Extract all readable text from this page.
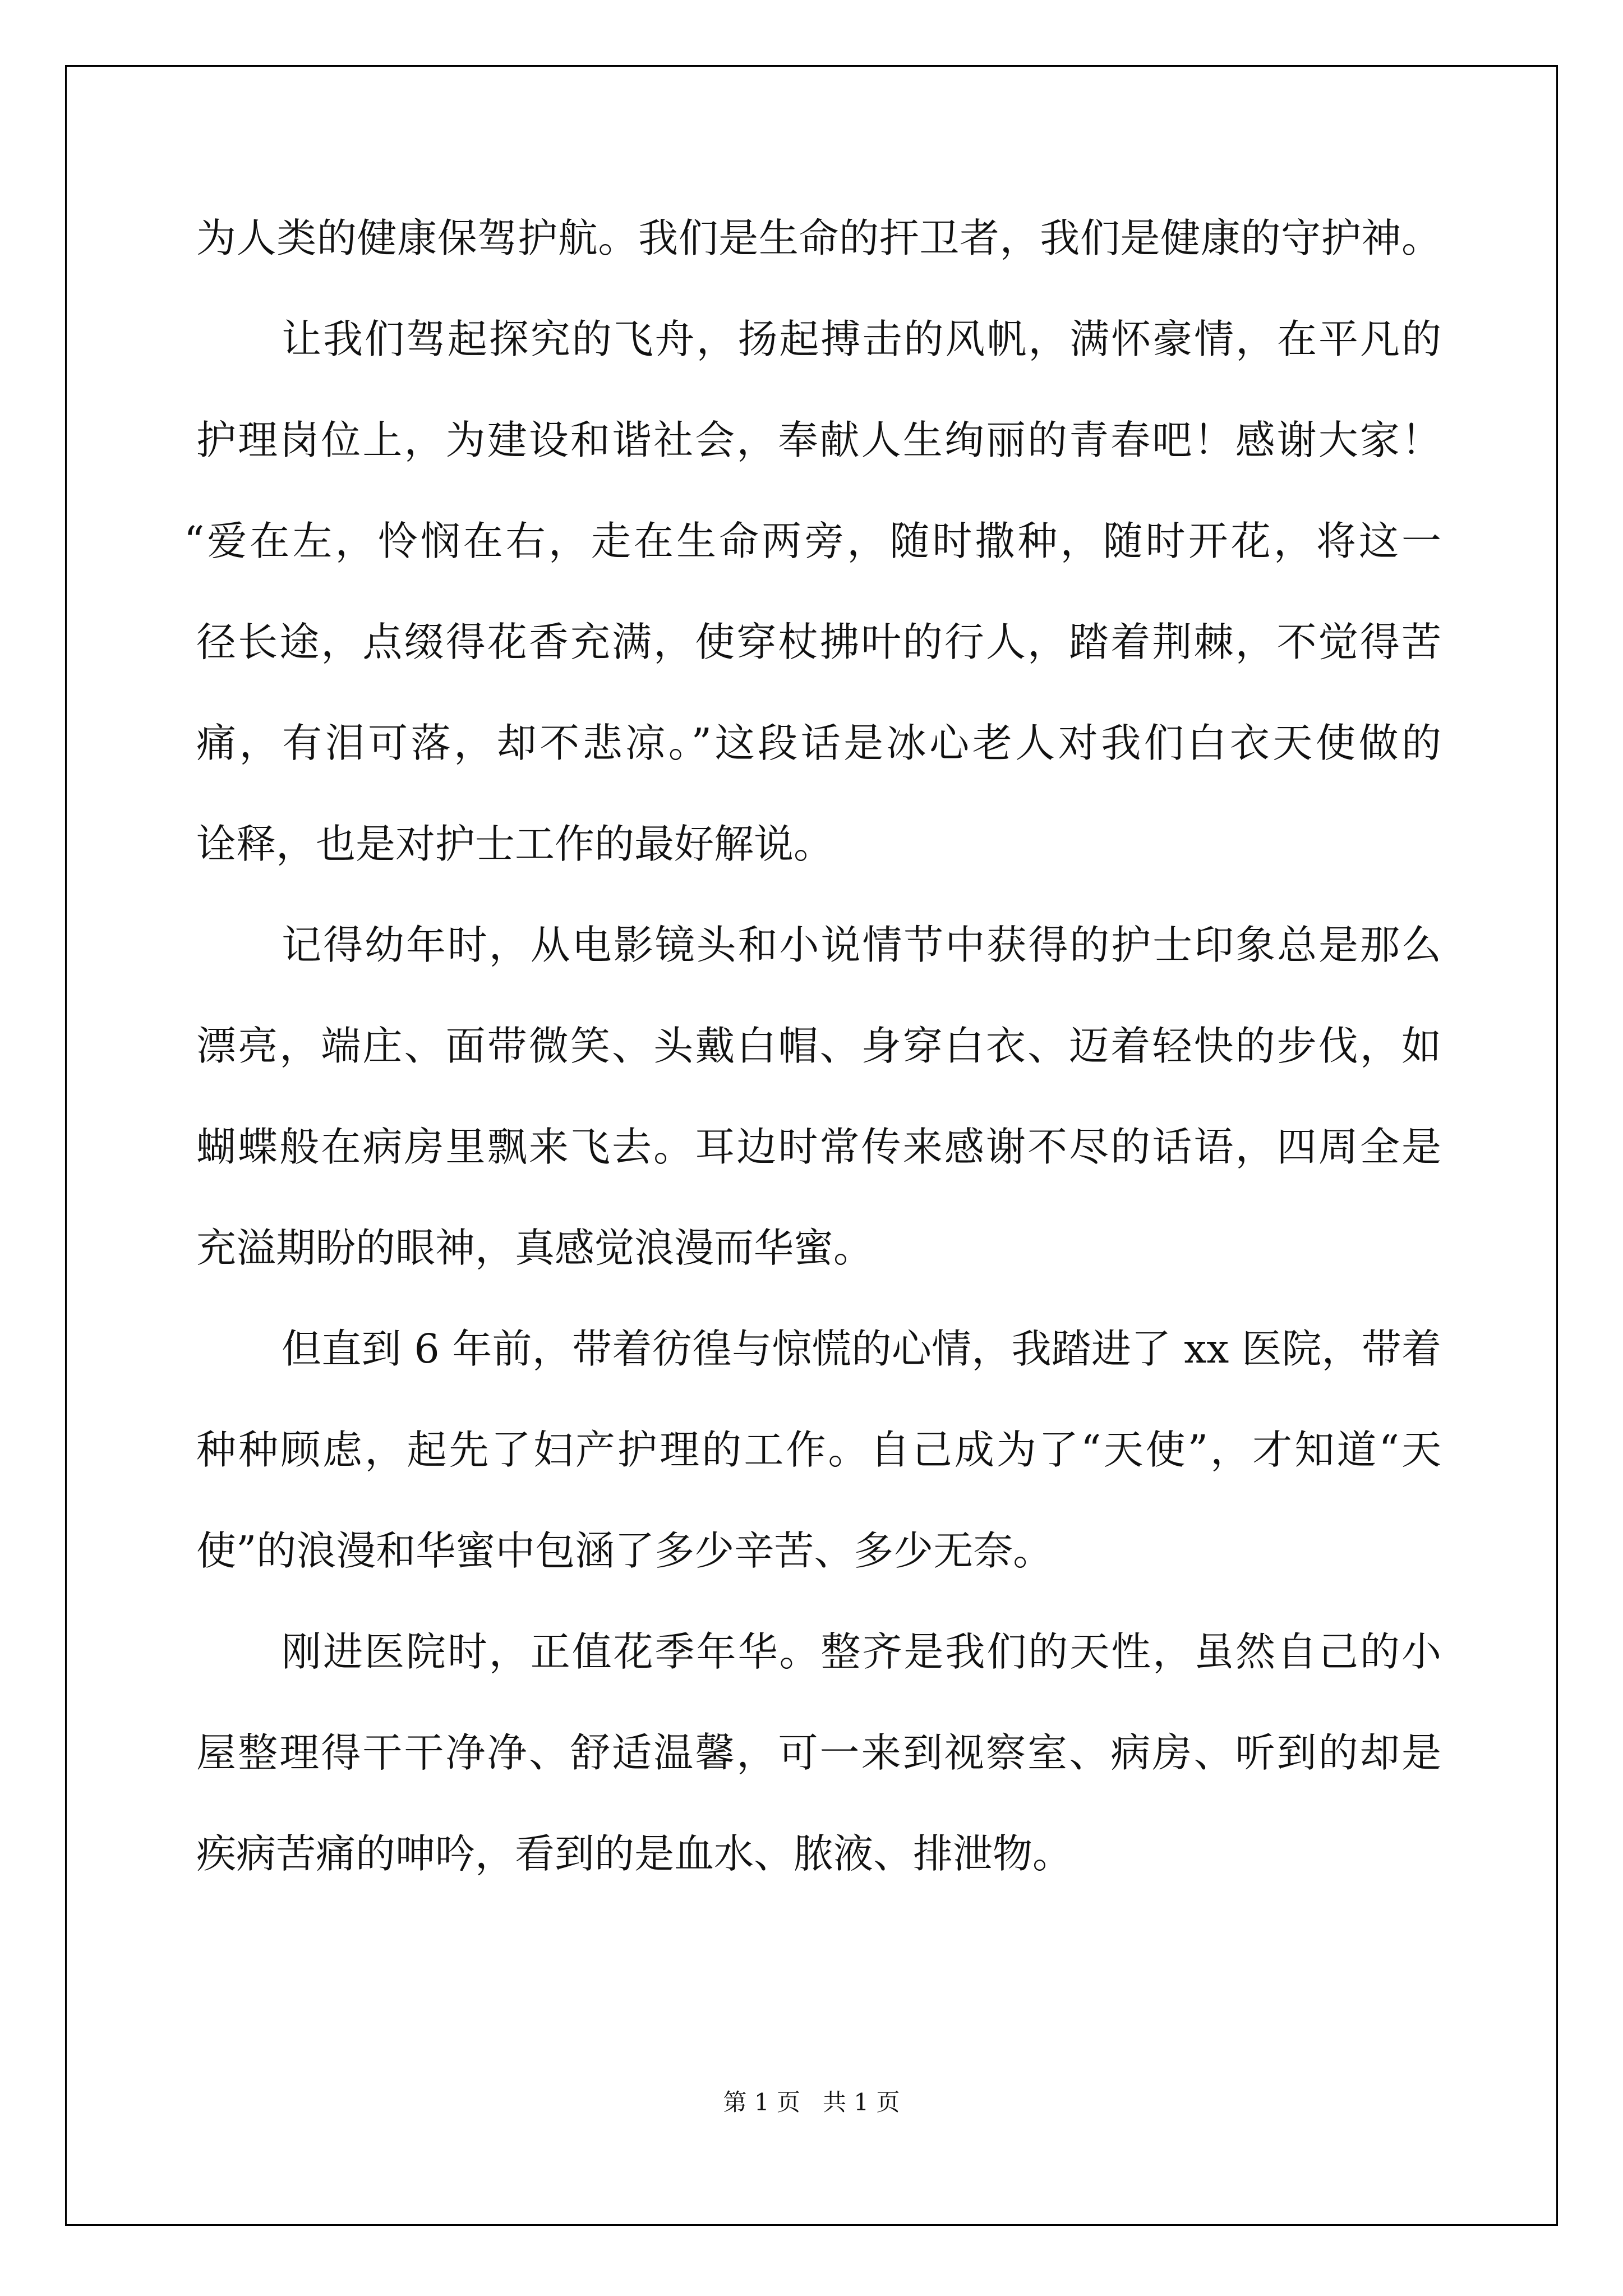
为人类的健康保驾护航。我们是生命的扞卫者，我们是健康的守护神。
让我们驾起探究的飞舟，扬起搏击的风帆，满怀豪情，在平凡的
护理岗位上，为建设和谐社会，奉献人生绚丽的青春吧！感谢大家！
“爱在左，怜悯在右，走在生命两旁，随时撒种，随时开花，将这一
径长途，点缀得花香充满，使穿杖拂叶的行人，踏着荆棘，不觉得苦
痛，有泪可落，却不悲凉。”这段话是冰心老人对我们白衣天使做的
诠释，也是对护士工作的最好解说。
记得幼年时，从电影镜头和小说情节中获得的护士印象总是那么
漂亮，端庄、面带微笑、头戴白帽、身穿白衣、迈着轻快的步伐，如
蝴蝶般在病房里飘来飞去。耳边时常传来感谢不尽的话语，四周全是
充溢期盼的眼神，真感觉浪漫而华蜜。
但直到 6 年前，带着彷徨与惊慌的心情，我踏进了 xx 医院，带着
种种顾虑，起先了妇产护理的工作。自己成为了“天使”，才知道“天
使”的浪漫和华蜜中包涵了多少辛苦、多少无奈。
刚进医院时，正值花季年华。整齐是我们的天性，虽然自己的小
屋整理得干干净净、舒适温馨，可一来到视察室、病房、听到的却是
疾病苦痛的呻吟，看到的是血水、脓液、排泄物。
第 1 页   共 1 页
